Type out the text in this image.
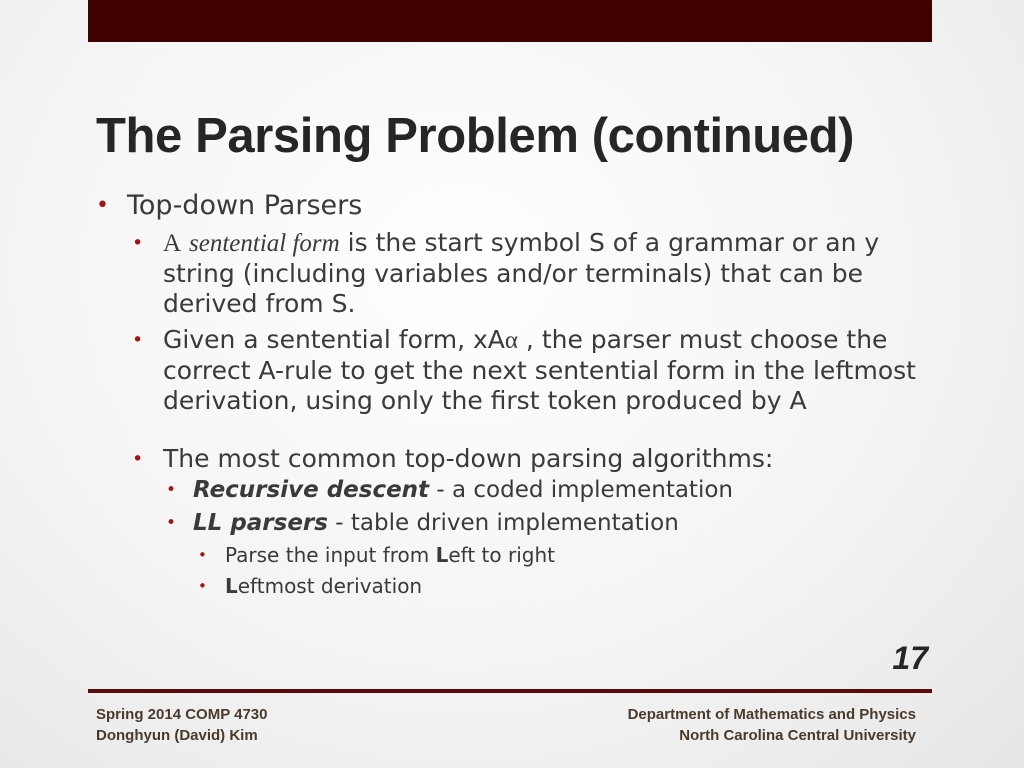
The Parsing Problem (continued)
• Top-down Parsers
• A sentential form is the start symbol S of a grammar or an y string (including variables and/or terminals) that can be derived from S.
• Given a sentential form, xAα , the parser must choose the correct A-rule to get the next sentential form in the leftmost derivation, using only the first token produced by A
• The most common top-down parsing algorithms:
• Recursive descent - a coded implementation
• LL parsers - table driven implementation
• Parse the input from Left to right
• Leftmost derivation
17
Spring 2014 COMP 4730
Donghyun (David) Kim
Department of Mathematics and Physics
North Carolina Central University
